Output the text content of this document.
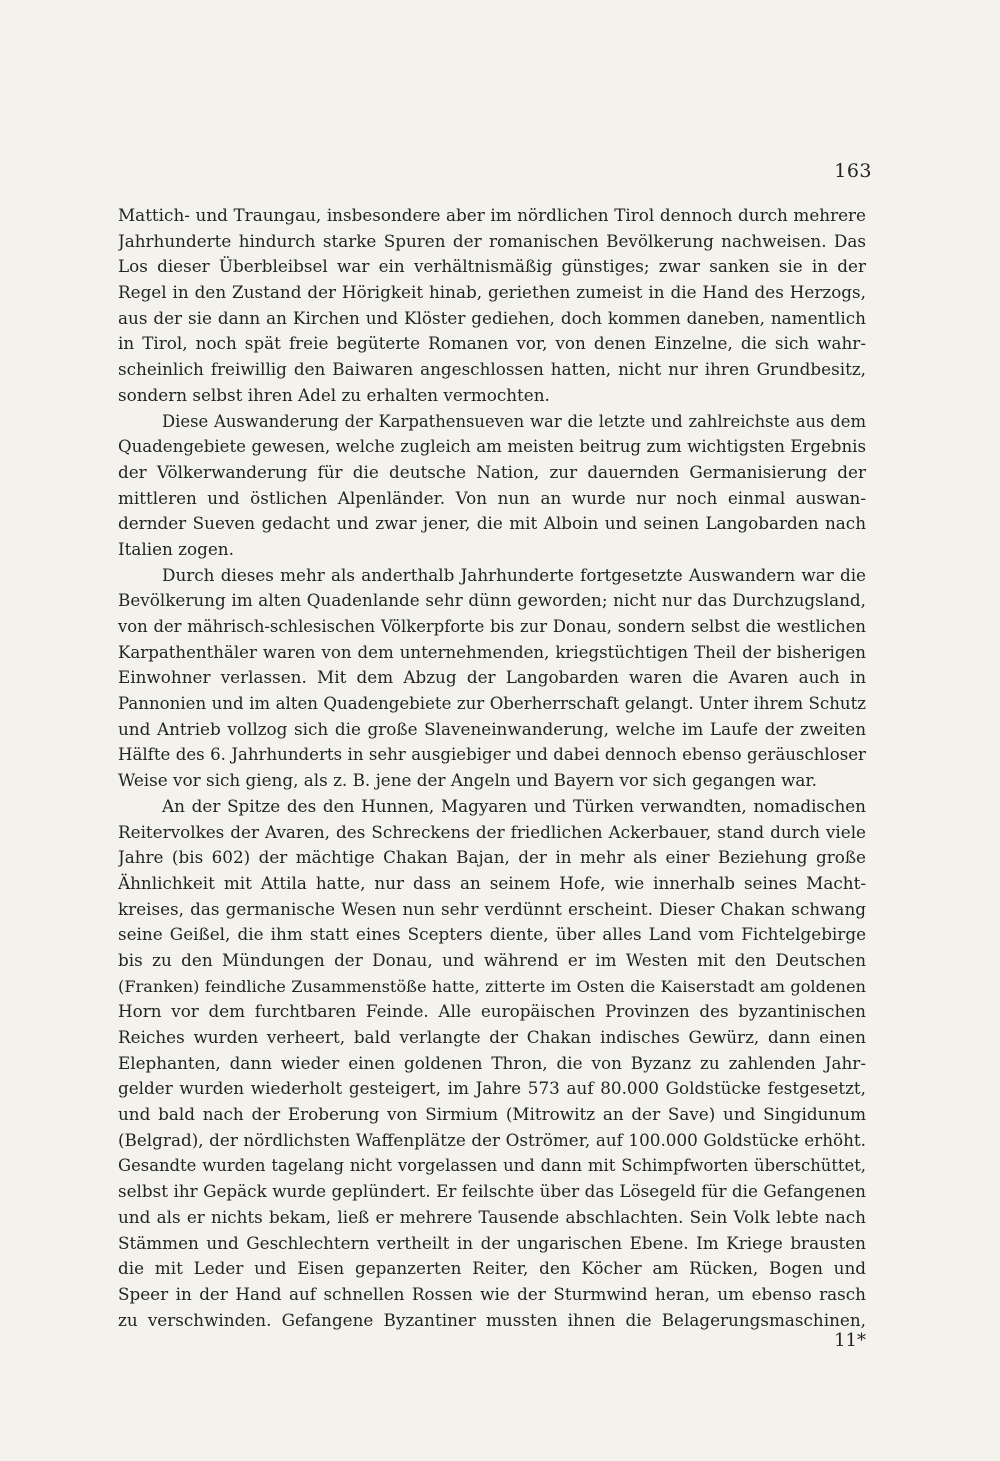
163
Mattich- und Traungau, insbesondere aber im nördlichen Tirol dennoch durch mehrere
Jahrhunderte hindurch starke Spuren der romanischen Bevölkerung nachweisen. Das
Los dieser Überbleibsel war ein verhältnismäßig günstiges; zwar sanken sie in der
Regel in den Zustand der Hörigkeit hinab, geriethen zumeist in die Hand des Herzogs,
aus der sie dann an Kirchen und Klöster gediehen, doch kommen daneben, namentlich
in Tirol, noch spät freie begüterte Romanen vor, von denen Einzelne, die sich wahr-
scheinlich freiwillig den Baiwaren angeschlossen hatten, nicht nur ihren Grundbesitz,
sondern selbst ihren Adel zu erhalten vermochten.
Diese Auswanderung der Karpathensueven war die letzte und zahlreichste aus dem
Quadengebiete gewesen, welche zugleich am meisten beitrug zum wichtigsten Ergebnis
der Völkerwanderung für die deutsche Nation, zur dauernden Germanisierung der
mittleren und östlichen Alpenländer. Von nun an wurde nur noch einmal auswan-
dernder Sueven gedacht und zwar jener, die mit Alboin und seinen Langobarden nach
Italien zogen.
Durch dieses mehr als anderthalb Jahrhunderte fortgesetzte Auswandern war die
Bevölkerung im alten Quadenlande sehr dünn geworden; nicht nur das Durchzugsland,
von der mährisch-schlesischen Völkerpforte bis zur Donau, sondern selbst die westlichen
Karpathenthäler waren von dem unternehmenden, kriegstüchtigen Theil der bisherigen
Einwohner verlassen. Mit dem Abzug der Langobarden waren die Avaren auch in
Pannonien und im alten Quadengebiete zur Oberherrschaft gelangt. Unter ihrem Schutz
und Antrieb vollzog sich die große Slaveneinwanderung, welche im Laufe der zweiten
Hälfte des 6. Jahrhunderts in sehr ausgiebiger und dabei dennoch ebenso geräuschloser
Weise vor sich gieng, als z. B. jene der Angeln und Bayern vor sich gegangen war.
An der Spitze des den Hunnen, Magyaren und Türken verwandten, nomadischen
Reitervolkes der Avaren, des Schreckens der friedlichen Ackerbauer, stand durch viele
Jahre (bis 602) der mächtige Chakan Bajan, der in mehr als einer Beziehung große
Ähnlichkeit mit Attila hatte, nur dass an seinem Hofe, wie innerhalb seines Macht-
kreises, das germanische Wesen nun sehr verdünnt erscheint. Dieser Chakan schwang
seine Geißel, die ihm statt eines Scepters diente, über alles Land vom Fichtelgebirge
bis zu den Mündungen der Donau, und während er im Westen mit den Deutschen
(Franken) feindliche Zusammenstöße hatte, zitterte im Osten die Kaiserstadt am goldenen
Horn vor dem furchtbaren Feinde. Alle europäischen Provinzen des byzantinischen
Reiches wurden verheert, bald verlangte der Chakan indisches Gewürz, dann einen
Elephanten, dann wieder einen goldenen Thron, die von Byzanz zu zahlenden Jahr-
gelder wurden wiederholt gesteigert, im Jahre 573 auf 80.000 Goldstücke festgesetzt,
und bald nach der Eroberung von Sirmium (Mitrowitz an der Save) und Singidunum
(Belgrad), der nördlichsten Waffenplätze der Oströmer, auf 100.000 Goldstücke erhöht.
Gesandte wurden tagelang nicht vorgelassen und dann mit Schimpfworten überschüttet,
selbst ihr Gepäck wurde geplündert. Er feilschte über das Lösegeld für die Gefangenen
und als er nichts bekam, ließ er mehrere Tausende abschlachten. Sein Volk lebte nach
Stämmen und Geschlechtern vertheilt in der ungarischen Ebene. Im Kriege brausten
die mit Leder und Eisen gepanzerten Reiter, den Köcher am Rücken, Bogen und
Speer in der Hand auf schnellen Rossen wie der Sturmwind heran, um ebenso rasch
zu verschwinden. Gefangene Byzantiner mussten ihnen die Belagerungsmaschinen,
11*
